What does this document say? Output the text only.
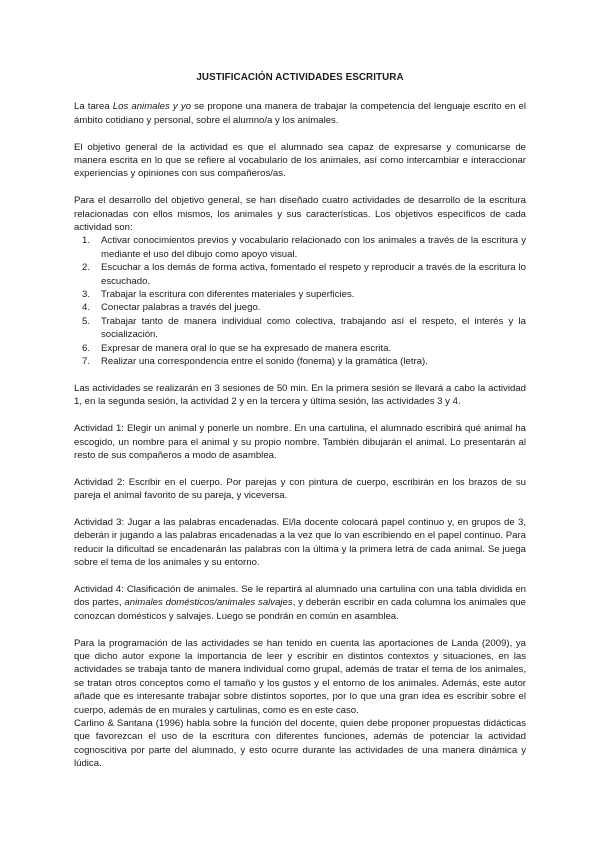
JUSTIFICACIÓN ACTIVIDADES ESCRITURA

La tarea Los animales y yo se propone una manera de trabajar la competencia del lenguaje escrito en el ámbito cotidiano y personal, sobre el alumno/a y los animales.

El objetivo general de la actividad es que el alumnado sea capaz de expresarse y comunicarse de manera escrita en lo que se refiere al vocabulario de los animales, así como intercambiar e interaccionar experiencias y opiniones con sus compañeros/as.

Para el desarrollo del objetivo general, se han diseñado cuatro actividades de desarrollo de la escritura relacionadas con ellos mismos, los animales y sus características. Los objetivos específicos de cada actividad son:

1. Activar conocimientos previos y vocabulario relacionado con los animales a través de la escritura y mediante el uso del dibujo como apoyo visual.
2. Escuchar a los demás de forma activa, fomentado el respeto y reproducir a través de la escritura lo escuchado.
3. Trabajar la escritura con diferentes materiales y superficies.
4. Conectar palabras a través del juego.
5. Trabajar tanto de manera individual como colectiva, trabajando así el respeto, el interés y la socialización.
6. Expresar de manera oral lo que se ha expresado de manera escrita.
7. Realizar una correspondencia entre el sonido (fonema) y la gramática (letra).

Las actividades se realizarán en 3 sesiones de 50 min. En la primera sesión se llevará a cabo la actividad 1, en la segunda sesión, la actividad 2 y en la tercera y última sesión, las actividades 3 y 4.

Actividad 1: Elegir un animal y ponerle un nombre. En una cartulina, el alumnado escribirá qué animal ha escogido, un nombre para el animal y su propio nombre. También dibujarán el animal. Lo presentarán al resto de sus compañeros a modo de asamblea.

Actividad 2: Escribir en el cuerpo. Por parejas y con pintura de cuerpo, escribirán en los brazos de su pareja el animal favorito de su pareja, y viceversa.

Actividad 3: Jugar a las palabras encadenadas. El/la docente colocará papel continuo y, en grupos de 3, deberán ir jugando a las palabras encadenadas a la vez que lo van escribiendo en el papel continuo. Para reducir la dificultad se encadenarán las palabras con la última y la primera letra de cada animal. Se juega sobre el tema de los animales y su entorno.

Actividad 4: Clasificación de animales. Se le repartirá al alumnado una cartulina con una tabla dividida en dos partes, animales domésticos/animales salvajes, y deberán escribir en cada columna los animales que conozcan domésticos y salvajes. Luego se pondrán en común en asamblea.

Para la programación de las actividades se han tenido en cuenta las aportaciones de Landa (2009), ya que dicho autor expone la importancia de leer y escribir en distintos contextos y situaciones, en las actividades se trabaja tanto de manera individual como grupal, además de tratar el tema de los animales, se tratan otros conceptos como el tamaño y los gustos y el entorno de los animales. Además, este autor añade que es interesante trabajar sobre distintos soportes, por lo que una gran idea es escribir sobre el cuerpo, además de en murales y cartulinas, como es en este caso.

Carlino & Santana (1996) habla sobre la función del docente, quien debe proponer propuestas didácticas que favorezcan el uso de la escritura con diferentes funciones, además de potenciar la actividad cognoscitiva por parte del alumnado, y esto ocurre durante las actividades de una manera dinámica y lúdica.
